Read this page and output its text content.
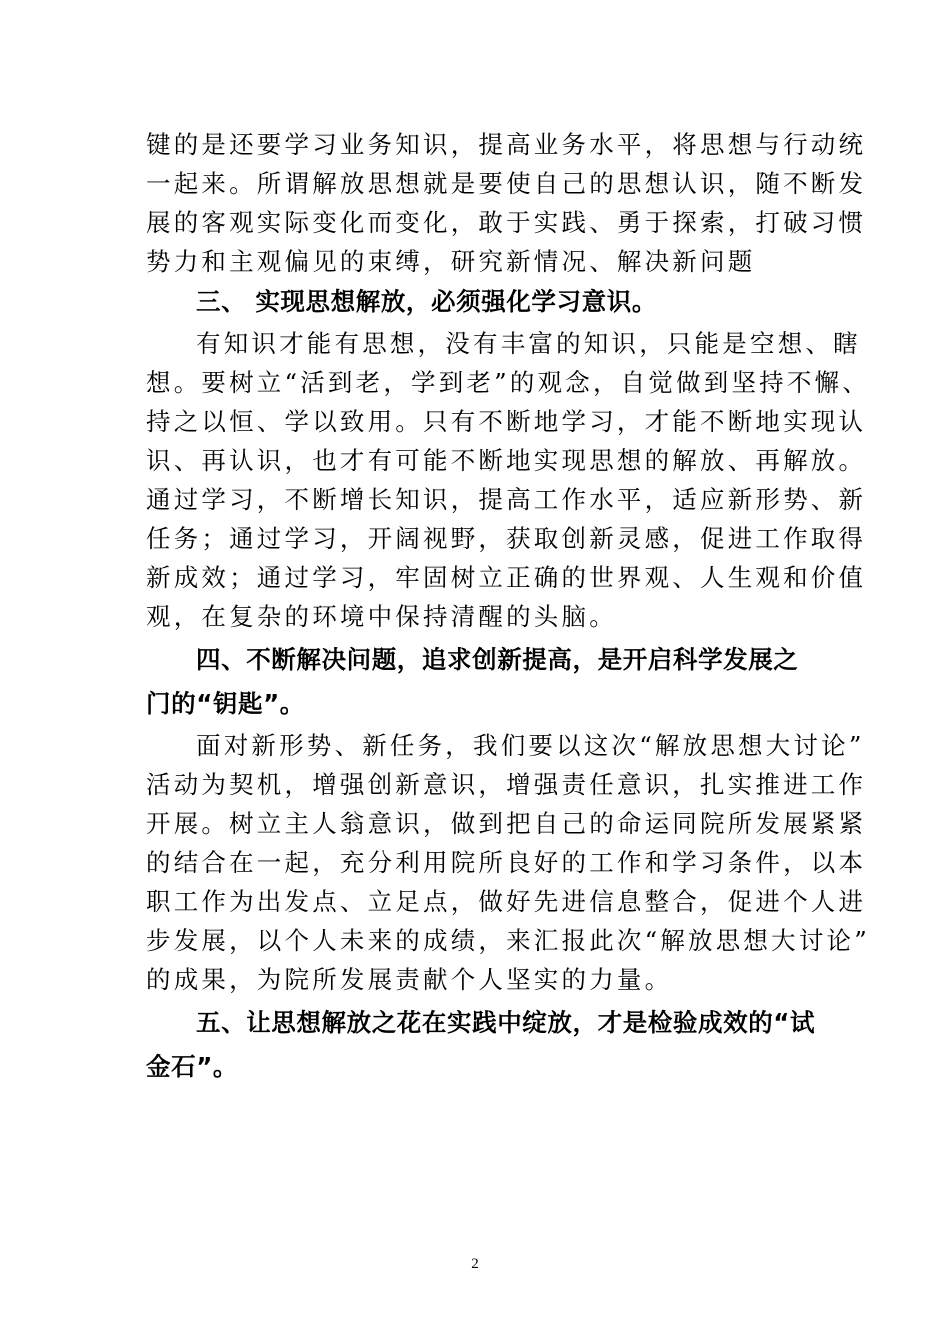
键的是还要学习业务知识，提高业务水平，将思想与行动统
一起来。所谓解放思想就是要使自己的思想认识，随不断发
展的客观实际变化而变化，敢于实践、勇于探索，打破习惯
势力和主观偏见的束缚，研究新情况、解决新问题
三、 实现思想解放，必须强化学习意识。
有知识才能有思想，没有丰富的知识，只能是空想、瞎
想。要树立“活到老，学到老”的观念，自觉做到坚持不懈、
持之以恒、学以致用。只有不断地学习，才能不断地实现认
识、再认识，也才有可能不断地实现思想的解放、再解放。
通过学习，不断增长知识，提高工作水平，适应新形势、新
任务；通过学习，开阔视野，获取创新灵感，促进工作取得
新成效；通过学习，牢固树立正确的世界观、人生观和价值
观，在复杂的环境中保持清醒的头脑。
四、不断解决问题，追求创新提高，是开启科学发展之
门的“钥匙”。
面对新形势、新任务，我们要以这次“解放思想大讨论”
活动为契机，增强创新意识，增强责任意识，扎实推进工作
开展。树立主人翁意识，做到把自己的命运同院所发展紧紧
的结合在一起，充分利用院所良好的工作和学习条件，以本
职工作为出发点、立足点，做好先进信息整合，促进个人进
步发展，以个人未来的成绩，来汇报此次“解放思想大讨论”
的成果，为院所发展责献个人坚实的力量。
五、让思想解放之花在实践中绽放，才是检验成效的“试
金石”。
2
